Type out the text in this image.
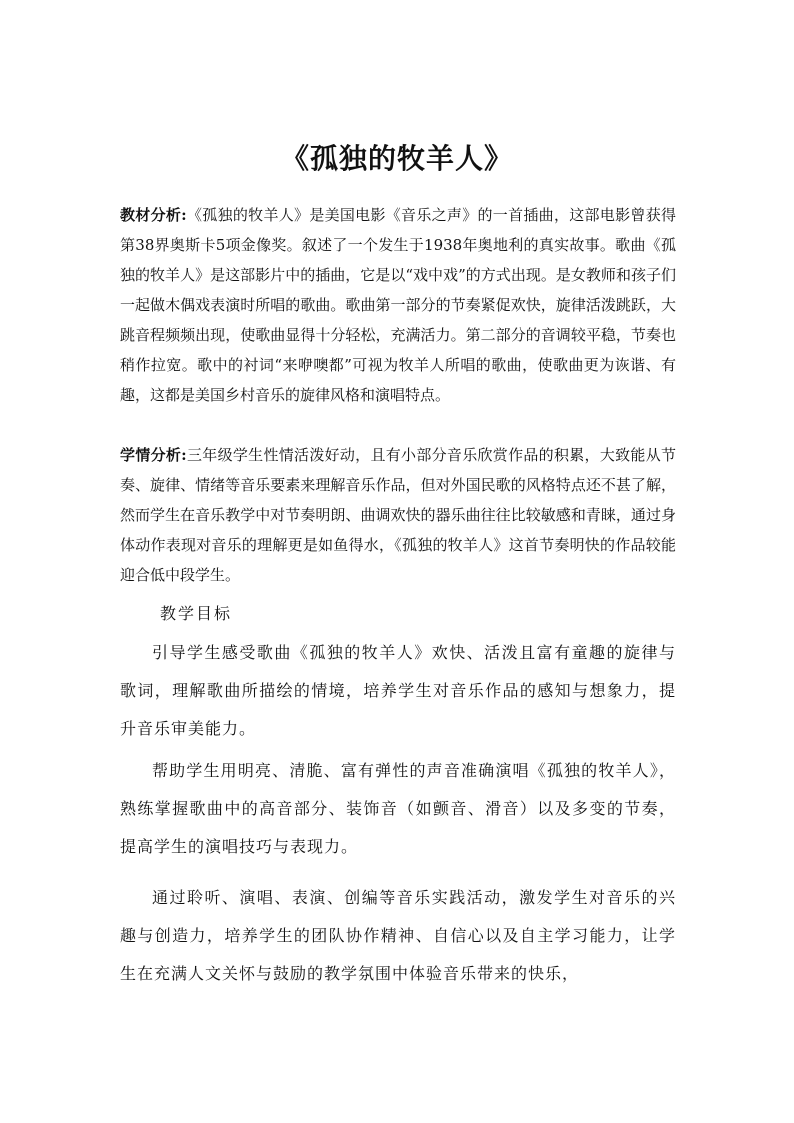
《孤独的牧羊人》

教材分析:《孤独的牧羊人》是美国电影《音乐之声》的一首插曲，这部电影曾获得第38界奥斯卡5项金像奖。叙述了一个发生于1938年奥地利的真实故事。歌曲《孤独的牧羊人》是这部影片中的插曲，它是以“戏中戏”的方式出现。是女教师和孩子们一起做木偶戏表演时所唱的歌曲。歌曲第一部分的节奏紧促欢快，旋律活泼跳跃，大跳音程频频出现，使歌曲显得十分轻松，充满活力。第二部分的音调较平稳，节奏也稍作拉宽。歌中的衬词“来咿噢都”可视为牧羊人所唱的歌曲，使歌曲更为诙谐、有趣，这都是美国乡村音乐的旋律风格和演唱特点。

学情分析:三年级学生性情活泼好动，且有小部分音乐欣赏作品的积累，大致能从节奏、旋律、情绪等音乐要素来理解音乐作品，但对外国民歌的风格特点还不甚了解，然而学生在音乐教学中对节奏明朗、曲调欢快的器乐曲往往比较敏感和青睐，通过身体动作表现对音乐的理解更是如鱼得水，《孤独的牧羊人》这首节奏明快的作品较能迎合低中段学生。

教学目标

引导学生感受歌曲《孤独的牧羊人》欢快、活泼且富有童趣的旋律与歌词，理解歌曲所描绘的情境，培养学生对音乐作品的感知与想象力，提升音乐审美能力。

帮助学生用明亮、清脆、富有弹性的声音准确演唱《孤独的牧羊人》，熟练掌握歌曲中的高音部分、装饰音（如颤音、滑音）以及多变的节奏，提高学生的演唱技巧与表现力。

通过聆听、演唱、表演、创编等音乐实践活动，激发学生对音乐的兴趣与创造力，培养学生的团队协作精神、自信心以及自主学习能力，让学生在充满人文关怀与鼓励的教学氛围中体验音乐带来的快乐，
